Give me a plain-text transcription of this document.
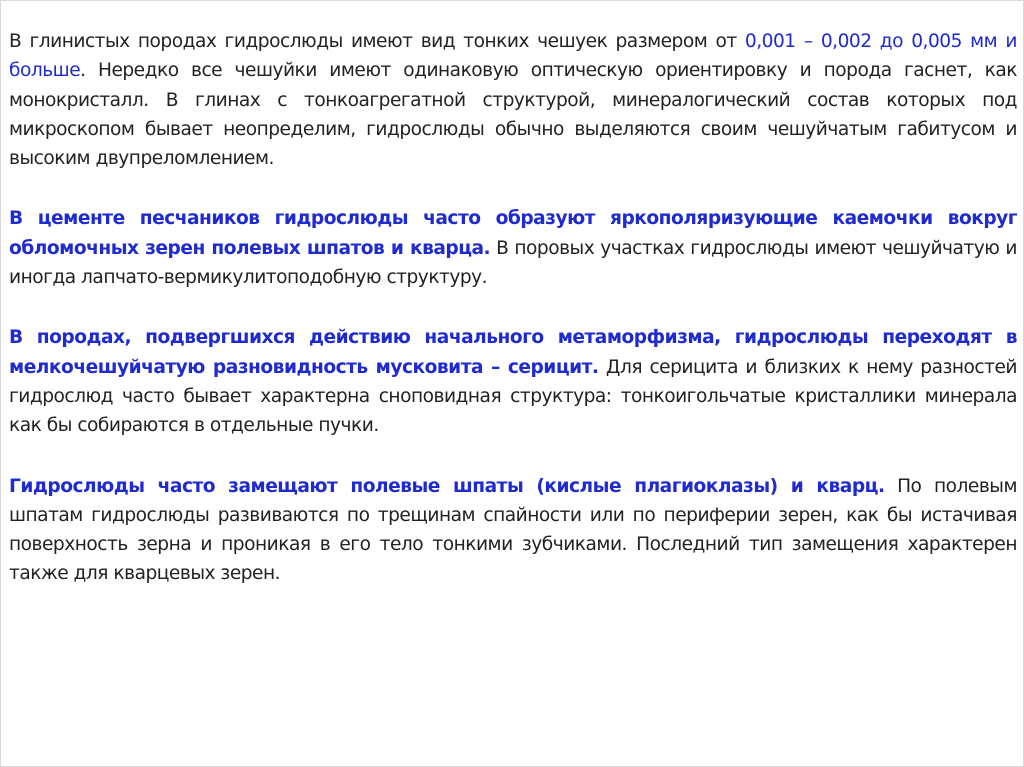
В глинистых породах гидрослюды имеют вид тонких чешуек размером от 0,001 – 0,002 до 0,005 мм и больше. Нередко все чешуйки имеют одинаковую оптическую ориентировку и порода гаснет, как монокристалл. В глинах с тонкоагрегатной структурой, минералогический состав которых под микроскопом бывает неопределим, гидрослюды обычно выделяются своим чешуйчатым габитусом и высоким двупреломлением.

В цементе песчаников гидрослюды часто образуют яркополяризующие каемочки вокруг обломочных зерен полевых шпатов и кварца. В поровых участках гидрослюды имеют чешуйчатую и иногда лапчато-вермикулитоподобную структуру.

В породах, подвергшихся действию начального метаморфизма, гидрослюды переходят в мелкочешуйчатую разновидность мусковита – серицит. Для серицита и близких к нему разностей гидрослюд часто бывает характерна сноповидная структура: тонкоигольчатые кристаллики минерала как бы собираются в отдельные пучки.

Гидрослюды часто замещают полевые шпаты (кислые плагиоклазы) и кварц. По полевым шпатам гидрослюды развиваются по трещинам спайности или по периферии зерен, как бы истачивая поверхность зерна и проникая в его тело тонкими зубчиками. Последний тип замещения характерен также для кварцевых зерен.
